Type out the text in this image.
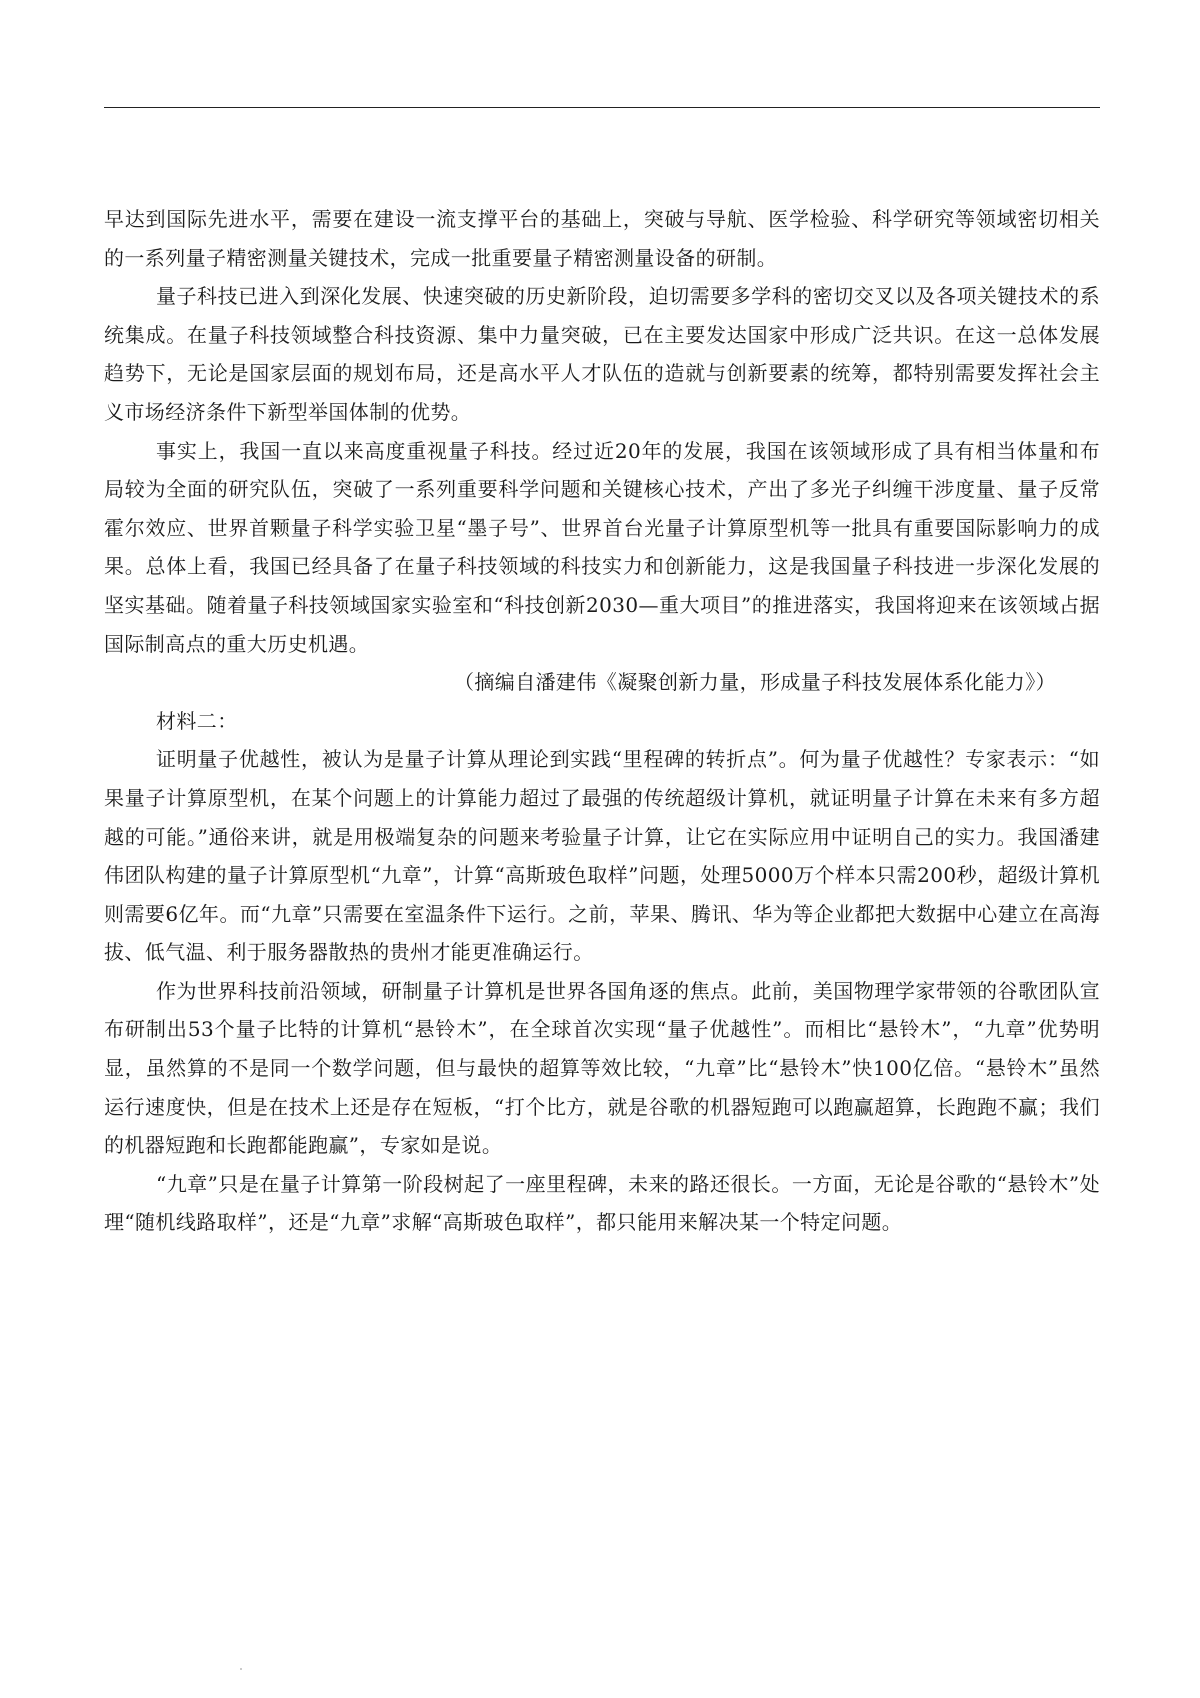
早达到国际先进水平，需要在建设一流支撑平台的基础上，突破与导航、医学检验、科学研究等领域密切相关的一系列量子精密测量关键技术，完成一批重要量子精密测量设备的研制。

量子科技已进入到深化发展、快速突破的历史新阶段，迫切需要多学科的密切交叉以及各项关键技术的系统集成。在量子科技领域整合科技资源、集中力量突破，已在主要发达国家中形成广泛共识。在这一总体发展趋势下，无论是国家层面的规划布局，还是高水平人才队伍的造就与创新要素的统筹，都特别需要发挥社会主义市场经济条件下新型举国体制的优势。

事实上，我国一直以来高度重视量子科技。经过近20年的发展，我国在该领域形成了具有相当体量和布局较为全面的研究队伍，突破了一系列重要科学问题和关键核心技术，产出了多光子纠缠干涉度量、量子反常霍尔效应、世界首颗量子科学实验卫星“墨子号”、世界首台光量子计算原型机等一批具有重要国际影响力的成果。总体上看，我国已经具备了在量子科技领域的科技实力和创新能力，这是我国量子科技进一步深化发展的坚实基础。随着量子科技领域国家实验室和“科技创新2030—重大项目”的推进落实，我国将迎来在该领域占据国际制高点的重大历史机遇。

（摘编自潘建伟《凝聚创新力量，形成量子科技发展体系化能力》）

材料二：

证明量子优越性，被认为是量子计算从理论到实践“里程碑的转折点”。何为量子优越性？专家表示：“如果量子计算原型机，在某个问题上的计算能力超过了最强的传统超级计算机，就证明量子计算在未来有多方超越的可能。”通俗来讲，就是用极端复杂的问题来考验量子计算，让它在实际应用中证明自己的实力。我国潘建伟团队构建的量子计算原型机“九章”，计算“高斯玻色取样”问题，处理5000万个样本只需200秒，超级计算机则需要6亿年。而“九章”只需要在室温条件下运行。之前，苹果、腾讯、华为等企业都把大数据中心建立在高海拔、低气温、利于服务器散热的贵州才能更准确运行。

作为世界科技前沿领域，研制量子计算机是世界各国角逐的焦点。此前，美国物理学家带领的谷歌团队宣布研制出53个量子比特的计算机“悬铃木”，在全球首次实现“量子优越性”。而相比“悬铃木”，“九章”优势明显，虽然算的不是同一个数学问题，但与最快的超算等效比较，“九章”比“悬铃木”快100亿倍。“悬铃木”虽然运行速度快，但是在技术上还是存在短板，“打个比方，就是谷歌的机器短跑可以跑赢超算，长跑跑不赢；我们的机器短跑和长跑都能跑赢”，专家如是说。

“九章”只是在量子计算第一阶段树起了一座里程碑，未来的路还很长。一方面，无论是谷歌的“悬铃木”处理“随机线路取样”，还是“九章”求解“高斯玻色取样”，都只能用来解决某一个特定问题。
